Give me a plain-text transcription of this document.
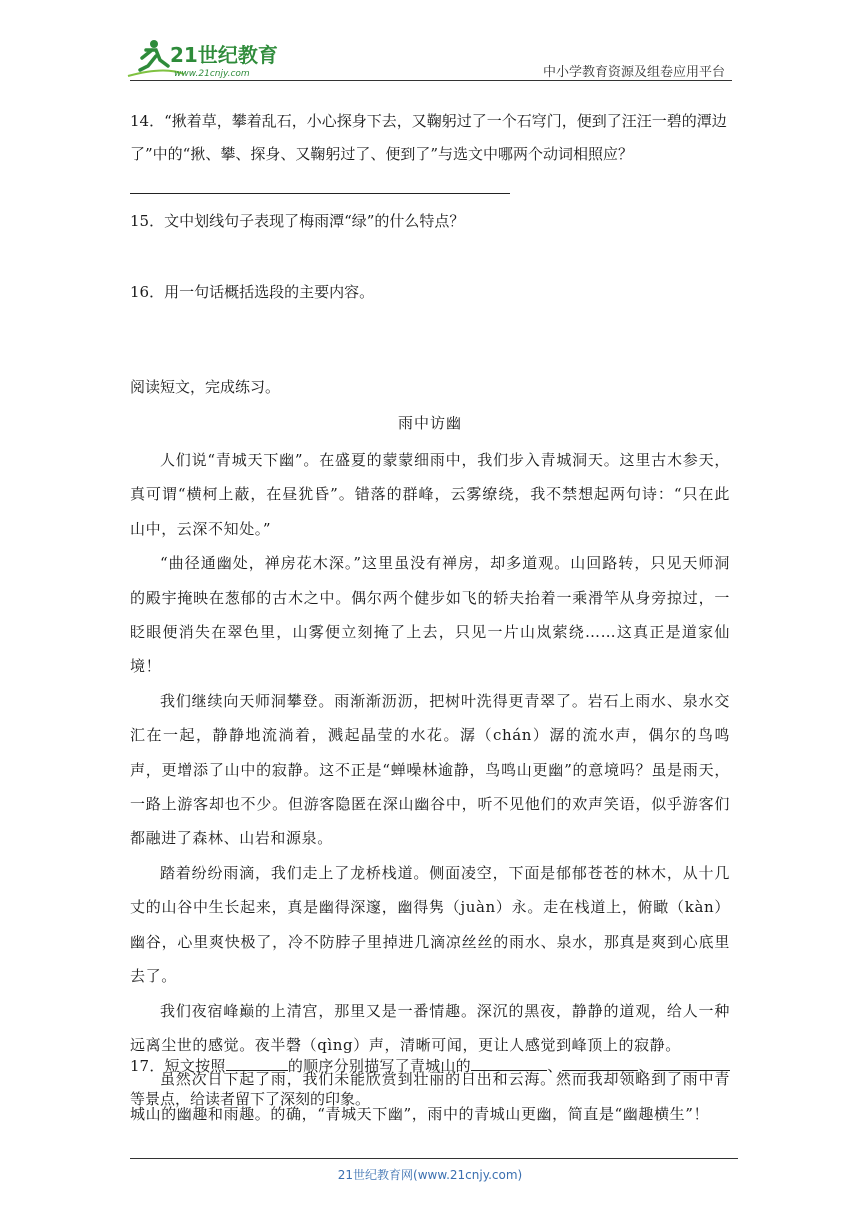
21世纪教育
www.21cnjy.com	中小学教育资源及组卷应用平台
14．“揪着草，攀着乱石，小心探身下去，又鞠躬过了一个石穹门，便到了汪汪一碧的潭边了”中的“揪、攀、探身、又鞠躬过了、便到了”与选文中哪两个动词相照应？
15．文中划线句子表现了梅雨潭“绿”的什么特点？
16．用一句话概括选段的主要内容。
阅读短文，完成练习。
雨中访幽

人们说“青城天下幽”。在盛夏的蒙蒙细雨中，我们步入青城洞天。这里古木参天，真可谓“横柯上蔽，在昼犹昏”。错落的群峰，云雾缭绕，我不禁想起两句诗：“只在此山中，云深不知处。”

“曲径通幽处，禅房花木深。”这里虽没有禅房，却多道观。山回路转，只见天师洞的殿宇掩映在葱郁的古木之中。偶尔两个健步如飞的轿夫抬着一乘滑竿从身旁掠过，一眨眼便消失在翠色里，山雾便立刻掩了上去，只见一片山岚萦绕……这真正是道家仙境！

我们继续向天师洞攀登。雨渐渐沥沥，把树叶洗得更青翠了。岩石上雨水、泉水交汇在一起，静静地流淌着，溅起晶莹的水花。潺（chán）潺的流水声，偶尔的鸟鸣声，更增添了山中的寂静。这不正是“蝉噪林逾静，鸟鸣山更幽”的意境吗？虽是雨天，一路上游客却也不少。但游客隐匿在深山幽谷中，听不见他们的欢声笑语，似乎游客们都融进了森林、山岩和源泉。

踏着纷纷雨滴，我们走上了龙桥栈道。侧面凌空，下面是郁郁苍苍的林木，从十几丈的山谷中生长起来，真是幽得深邃，幽得隽（juàn）永。走在栈道上，俯瞰（kàn）幽谷，心里爽快极了，冷不防脖子里掉进几滴凉丝丝的雨水、泉水，那真是爽到心底里去了。

我们夜宿峰巅的上清宫，那里又是一番情趣。深沉的黑夜，静静的道观，给人一种远离尘世的感觉。夜半磬（qìng）声，清晰可闻，更让人感觉到峰顶上的寂静。

虽然次日下起了雨，我们未能欣赏到壮丽的日出和云海。然而我却领略到了雨中青城山的幽趣和雨趣。的确，“青城天下幽”，雨中的青城山更幽，简直是“幽趣横生”！

17．短文按照	的顺序分别描写了青城山的	、	、等景点，给读者留下了深刻的印象。
21世纪教育网(www.21cnjy.com)
